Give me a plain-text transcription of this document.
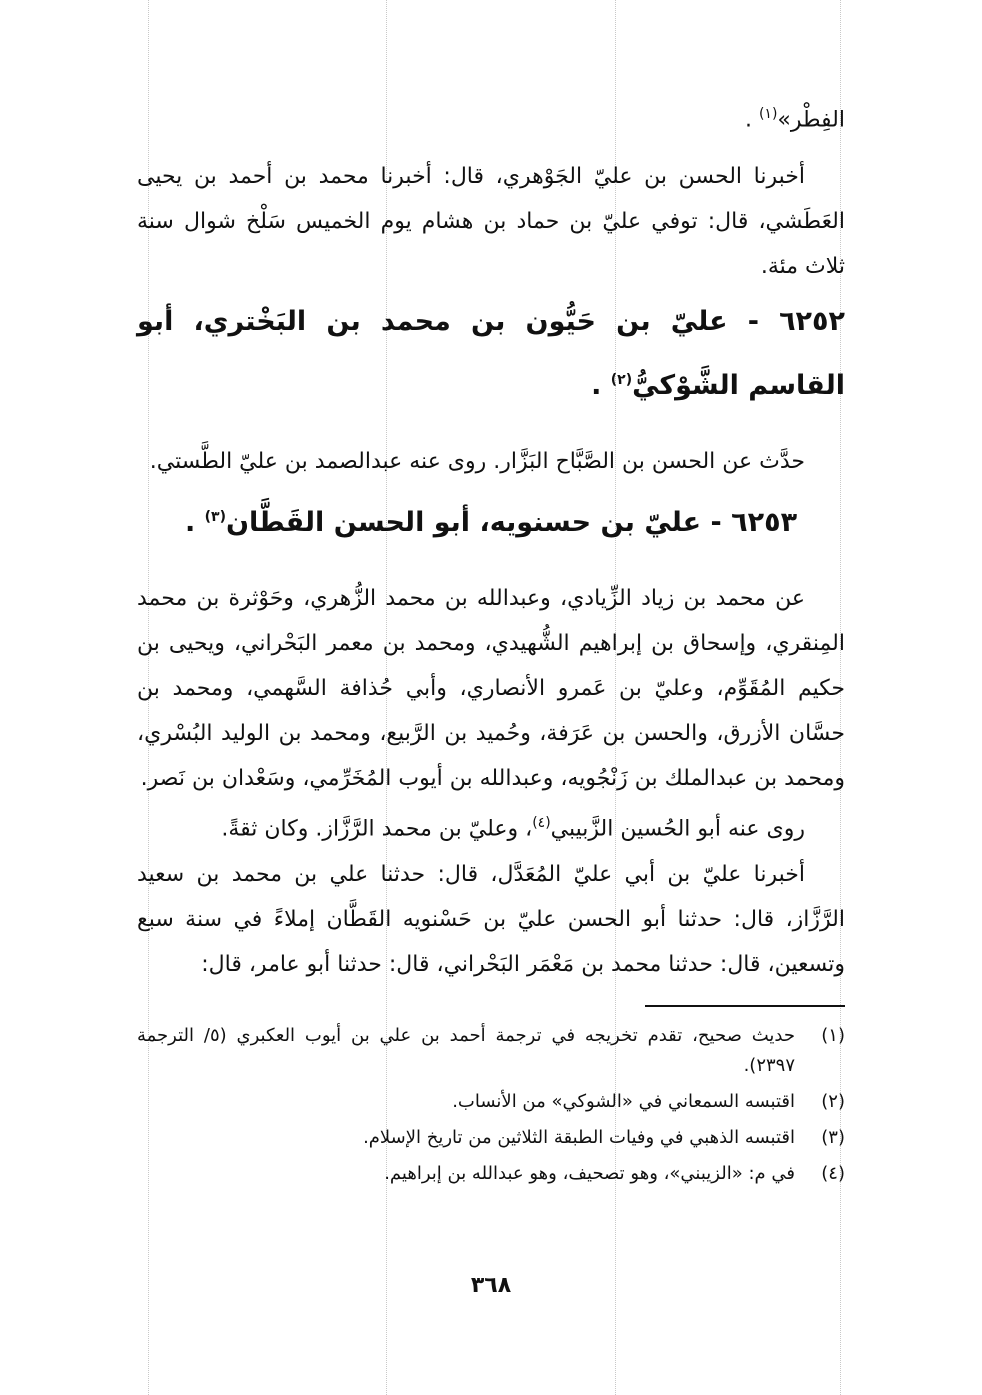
الفِطْر»$^{(١)}$ .

أخبرنا الحسن بن عليّ الجَوْهري، قال: أخبرنا محمد بن أحمد بن يحيى العَطَشي، قال: توفي عليّ بن حماد بن هشام يوم الخميس سَلْخ شوال سنة ثلاث مئة.

٦٢٥٢ - عليّ بن حَيُّون بن محمد بن البَخْتري، أبو القاسم الشَّوْكيُّ$^{(٢)}$ .

حدَّث عن الحسن بن الصَّبَّاح البَزَّار. روى عنه عبدالصمد بن عليّ الطَّستي.

٦٢٥٣ - عليّ بن حسنويه، أبو الحسن القَطَّان$^{(٣)}$ .

عن محمد بن زياد الزِّيادي، وعبدالله بن محمد الزُّهري، وحَوْثرة بن محمد المِنقري، وإسحاق بن إبراهيم الشُّهيدي، ومحمد بن معمر البَحْراني، ويحيى بن حكيم المُقَوِّم، وعليّ بن عَمرو الأنصاري، وأبي حُذافة السَّهمي، ومحمد بن حسَّان الأزرق، والحسن بن عَرَفة، وحُميد بن الرَّبيع، ومحمد بن الوليد البُسْري، ومحمد بن عبدالملك بن زَنْجُويه، وعبدالله بن أيوب المُخَرِّمي، وسَعْدان بن نَصر.

روى عنه أبو الحُسين الزَّبيبي$^{(٤)}$، وعليّ بن محمد الرَّزَّاز. وكان ثقةً.

أخبرنا عليّ بن أبي عليّ المُعَدَّل، قال: حدثنا علي بن محمد بن سعيد الرَّزَّاز، قال: حدثنا أبو الحسن عليّ بن حَسْنويه القَطَّان إملاءً في سنة سبع وتسعين، قال: حدثنا محمد بن مَعْمَر البَحْراني، قال: حدثنا أبو عامر، قال:

(١)
حديث صحيح، تقدم تخريجه في ترجمة أحمد بن علي بن أيوب العكبري (٥/ الترجمة ٢٣٩٧).
(٢)
اقتبسه السمعاني في «الشوكي» من الأنساب.
(٣)
اقتبسه الذهبي في وفيات الطبقة الثلاثين من تاريخ الإسلام.
(٤)
في م: «الزيبني»، وهو تصحيف، وهو عبدالله بن إبراهيم.
٣٦٨
